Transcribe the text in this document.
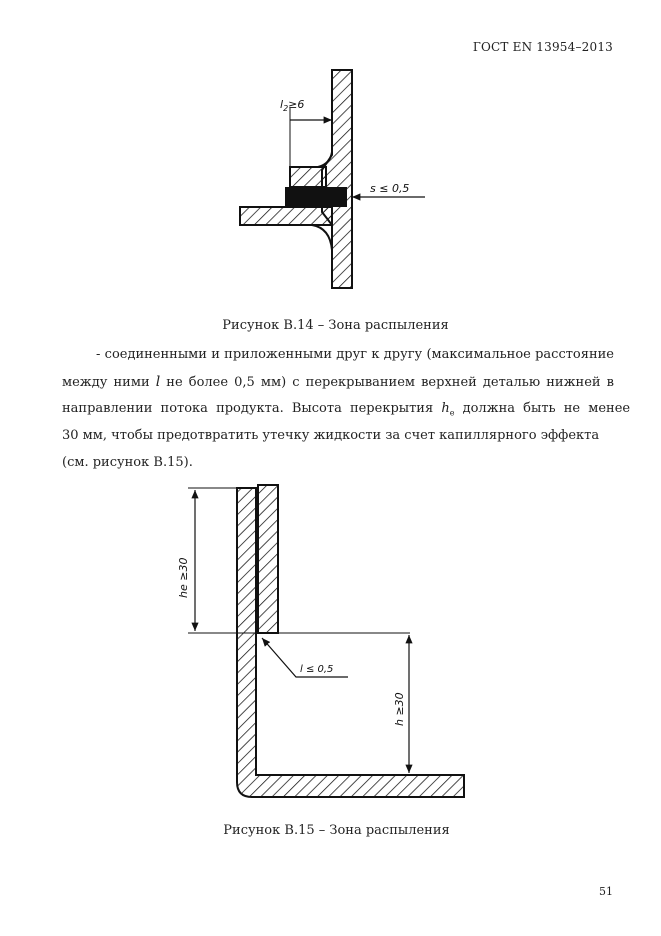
ГОСТ EN 13954–2013
$l_2\ge 6$
s ≤ 0,5
Рисунок В.14 – Зона распыления
- соединенными и приложенными друг к другу (максимальное расстояние
между ними l не более 0,5 мм) с перекрыванием верхней деталью нижней в
направлении потока продукта. Высота перекрытия $h_e$ должна быть не менее
30 мм, чтобы предотвратить утечку жидкости за счет капиллярного эффекта
(см. рисунок В.15).
he ≥30
h ≥30
l ≤ 0,5
Рисунок В.15 – Зона распыления
51
